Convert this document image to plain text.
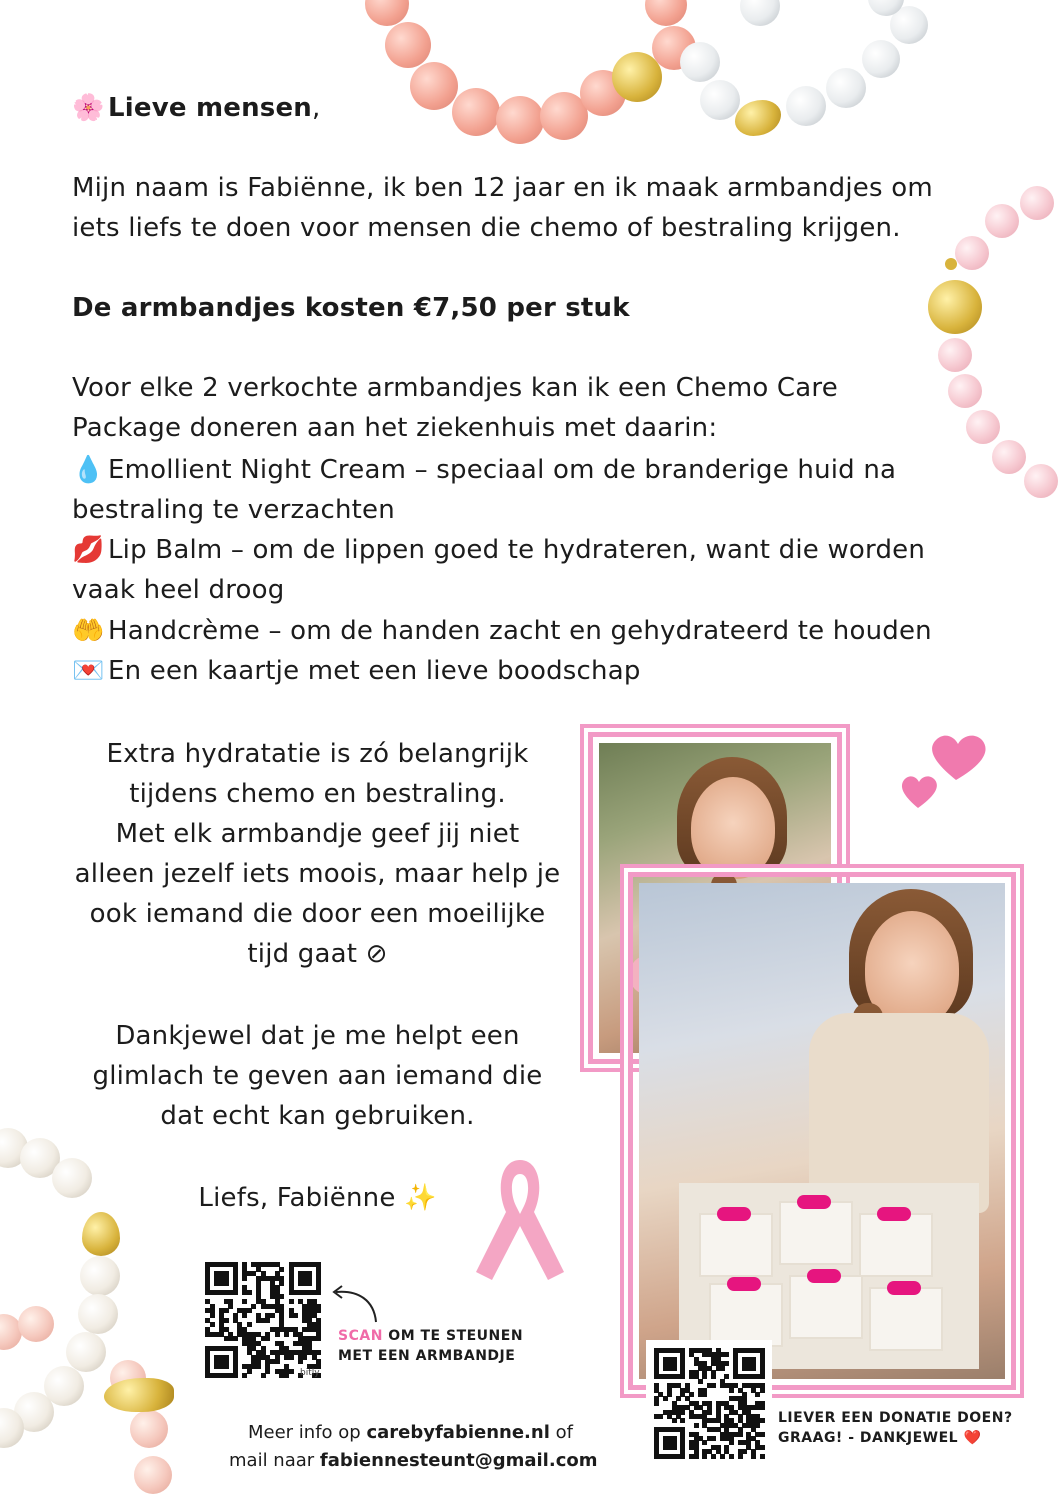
🌸 Lieve mensen,
Mijn naam is Fabiënne, ik ben 12 jaar en ik maak armbandjes om
iets liefs te doen voor mensen die chemo of bestraling krijgen.
De armbandjes kosten €7,50 per stuk
Voor elke 2 verkochte armbandjes kan ik een Chemo Care
Package doneren aan het ziekenhuis met daarin:
💧 Emollient Night Cream – speciaal om de branderige huid na
bestraling te verzachten
💋 Lip Balm – om de lippen goed te hydrateren, want die worden
vaak heel droog
🤲 Handcrème – om de handen zacht en gehydrateerd te houden
💌 En een kaartje met een lieve boodschap
Extra hydratatie is zó belangrijk
tijdens chemo en bestraling.
Met elk armbandje geef jij niet
alleen jezelf iets moois, maar help je
ook iemand die door een moeilijke
tijd gaat ⊘
Dankjewel dat je me helpt een
glimlach te geven aan iemand die
dat echt kan gebruiken.
Liefs, Fabiënne ✨
bitly
SCAN OM TE STEUNEN
MET EEN ARMBANDJE
LIEVER EEN DONATIE DOEN?
GRAAG! - DANKJEWEL ❤️
Meer info op carebyfabienne.nl of
mail naar fabiennesteunt@gmail.com
